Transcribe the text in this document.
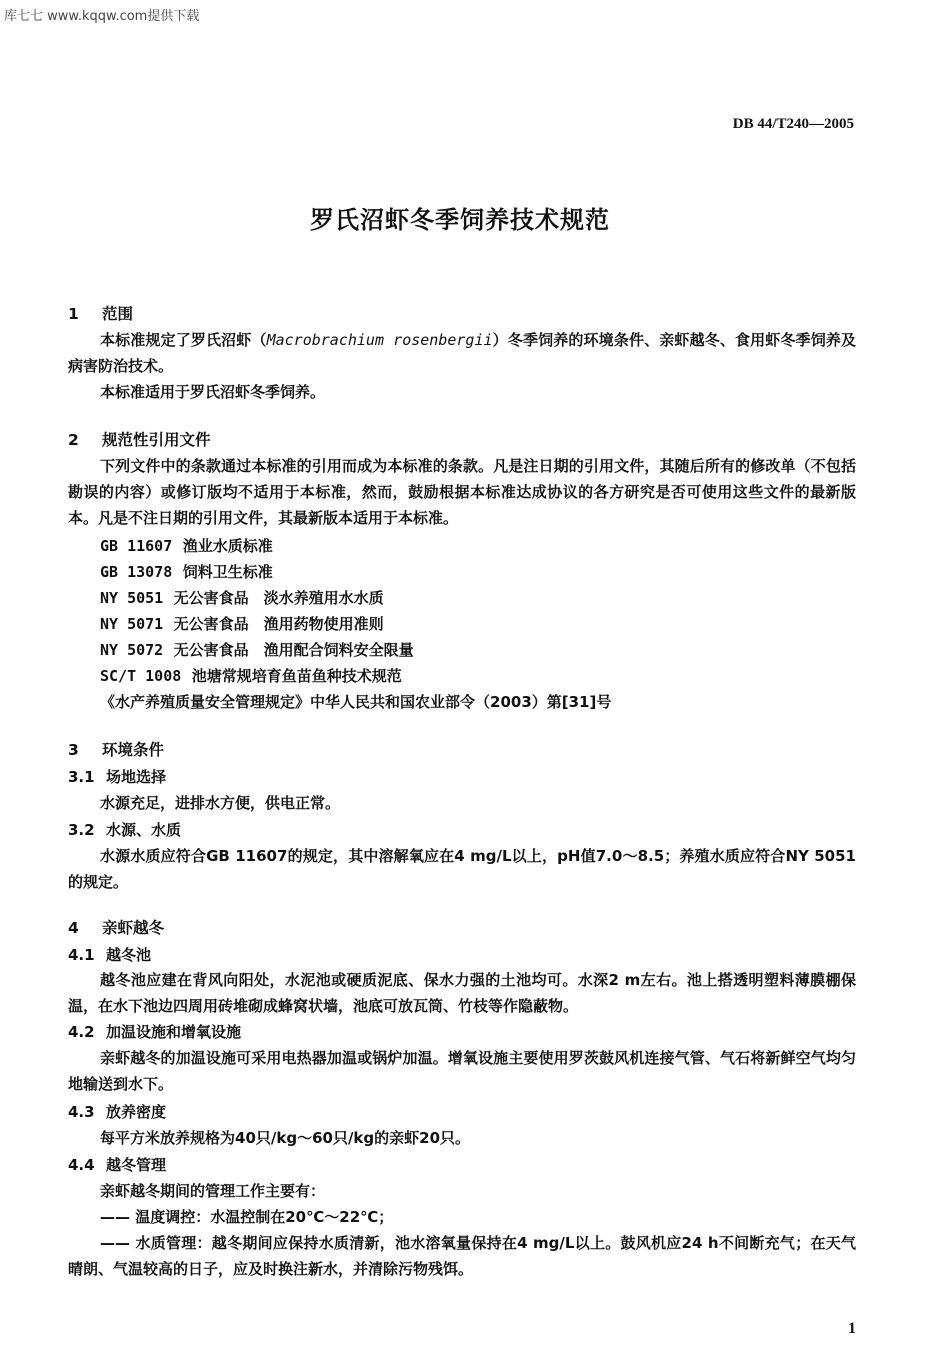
库七七 www.kqqw.com提供下载
DB 44/T240—2005
罗氏沼虾冬季饲养技术规范
1 范围
本标准规定了罗氏沼虾（Macrobrachium rosenbergii）冬季饲养的环境条件、亲虾越冬、食用虾冬季饲养及病害防治技术。
本标准适用于罗氏沼虾冬季饲养。
2 规范性引用文件
下列文件中的条款通过本标准的引用而成为本标准的条款。凡是注日期的引用文件，其随后所有的修改单（不包括勘误的内容）或修订版均不适用于本标准，然而，鼓励根据本标准达成协议的各方研究是否可使用这些文件的最新版本。凡是不注日期的引用文件，其最新版本适用于本标准。
GB 11607 渔业水质标准
GB 13078 饲料卫生标准
NY 5051 无公害食品　淡水养殖用水水质
NY 5071 无公害食品　渔用药物使用准则
NY 5072 无公害食品　渔用配合饲料安全限量
SC/T 1008 池塘常规培育鱼苗鱼种技术规范
《水产养殖质量安全管理规定》中华人民共和国农业部令（2003）第[31]号
3 环境条件
3.1 场地选择
水源充足，进排水方便，供电正常。
3.2 水源、水质
水源水质应符合GB 11607的规定，其中溶解氧应在4 mg/L以上，pH值7.0～8.5；养殖水质应符合NY 5051的规定。
4 亲虾越冬
4.1 越冬池
越冬池应建在背风向阳处，水泥池或硬质泥底、保水力强的土池均可。水深2 m左右。池上搭透明塑料薄膜棚保温，在水下池边四周用砖堆砌成蜂窝状墙，池底可放瓦筒、竹枝等作隐蔽物。
4.2 加温设施和增氧设施
亲虾越冬的加温设施可采用电热器加温或锅炉加温。增氧设施主要使用罗茨鼓风机连接气管、气石将新鲜空气均匀地输送到水下。
4.3 放养密度
每平方米放养规格为40只/kg～60只/kg的亲虾20只。
4.4 越冬管理
亲虾越冬期间的管理工作主要有：
—— 温度调控：水温控制在20℃～22℃；
—— 水质管理：越冬期间应保持水质清新，池水溶氧量保持在4 mg/L以上。鼓风机应24 h不间断充气；在天气晴朗、气温较高的日子，应及时换注新水，并清除污物残饵。
1
